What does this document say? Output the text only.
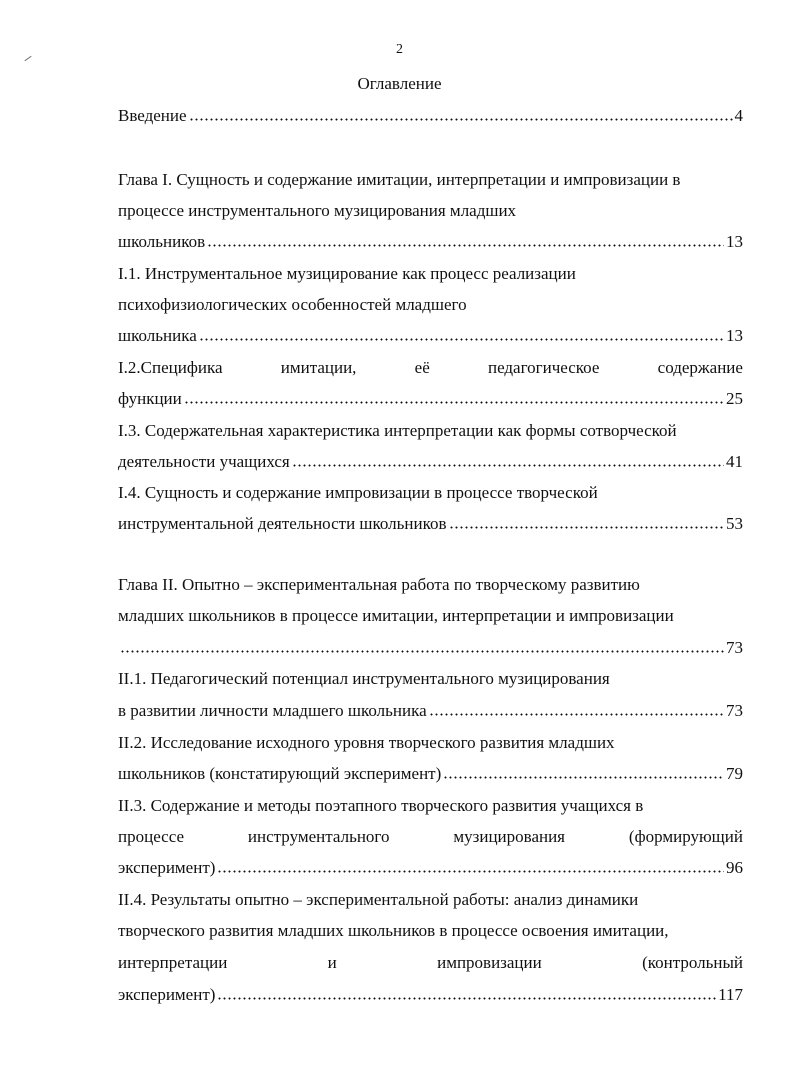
2
Оглавление
Введение	4
Глава I. Сущность и содержание имитации, интерпретации и импровизации в
процессе инструментального музицирования младших
школьников	13
I.1. Инструментальное музицирование как процесс реализации
психофизиологических особенностей младшего
школьника	13
I.2.Специфика	имитации,	её	педагогическое	содержание
функции	25
I.3. Содержательная характеристика интерпретации как формы сотворческой
деятельности учащихся	41
I.4. Сущность и содержание импровизации в процессе творческой
инструментальной деятельности школьников	53
Глава II. Опытно – экспериментальная работа по творческому развитию
младших школьников в процессе имитации, интерпретации и импровизации
73
II.1. Педагогический потенциал инструментального музицирования
в развитии личности младшего школьника	73
II.2. Исследование исходного уровня творческого развития младших
школьников (констатирующий эксперимент)	79
II.3. Содержание и методы поэтапного творческого развития учащихся в
процессе	инструментального	музицирования	(формирующий
эксперимент)	96
II.4. Результаты опытно – экспериментальной работы: анализ динамики
творческого развития младших школьников в процессе освоения имитации,
интерпретации	и	импровизации	(контрольный
эксперимент)	117
